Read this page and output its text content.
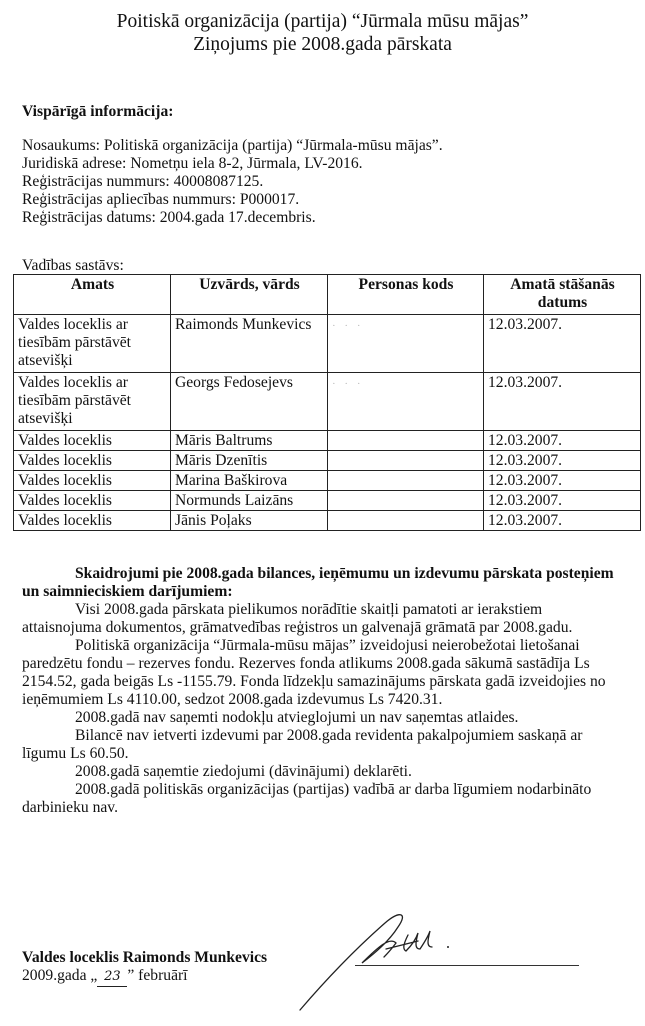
Poitiskā organizācija (partija) “Jūrmala mūsu mājas”
Ziņojums pie 2008.gada pārskata
Vispārīgā informācija:
Nosaukums: Politiskā organizācija (partija) “Jūrmala-mūsu mājas”.
Juridiskā adrese: Nometņu iela 8-2, Jūrmala, LV-2016.
Reģistrācijas nummurs: 40008087125.
Reģistrācijas apliecības nummurs: P000017.
Reģistrācijas datums: 2004.gada 17.decembris.
Vadības sastāvs:
Amats	Uzvārds, vārds	Personas kods	Amatā stāšanās datums
Valdes loceklis ar tiesībām pārstāvēt atsevišķi	Raimonds Munkevics	· · ·	12.03.2007.
Valdes loceklis ar tiesībām pārstāvēt atsevišķi	Georgs Fedosejevs	· · ·	12.03.2007.
Valdes loceklis	Māris Baltrums		12.03.2007.
Valdes loceklis	Māris Dzenītis		12.03.2007.
Valdes loceklis	Marina Baškirova		12.03.2007.
Valdes loceklis	Normunds Laizāns		12.03.2007.
Valdes loceklis	Jānis Poļaks		12.03.2007.

Skaidrojumi pie 2008.gada bilances, ieņēmumu un izdevumu pārskata posteņiem un saimnieciskiem darījumiem:

Visi 2008.gada pārskata pielikumos norādītie skaitļi pamatoti ar ierakstiem attaisnojuma dokumentos, grāmatvedības reģistros un galvenajā grāmatā par 2008.gadu.

Politiskā organizācija “Jūrmala-mūsu mājas” izveidojusi neierobežotai lietošanai paredzētu fondu – rezerves fondu. Rezerves fonda atlikums 2008.gada sākumā sastādīja Ls 2154.52, gada beigās Ls -1155.79. Fonda līdzekļu samazinājums pārskata gadā izveidojies no ieņēmumiem Ls 4110.00, sedzot 2008.gada izdevumus Ls 7420.31.

2008.gadā nav saņemti nodokļu atvieglojumi un nav saņemtas atlaides.

Bilancē nav ietverti izdevumi par 2008.gada revidenta pakalpojumiem saskaņā ar līgumu Ls 60.50.

2008.gadā saņemtie ziedojumi (dāvinājumi) deklarēti.

2008.gadā politiskās organizācijas (partijas) vadībā ar darba līgumiem nodarbināto darbinieku nav.

Valdes loceklis Raimonds Munkevics
2009.gada „ 23 ” februārī
